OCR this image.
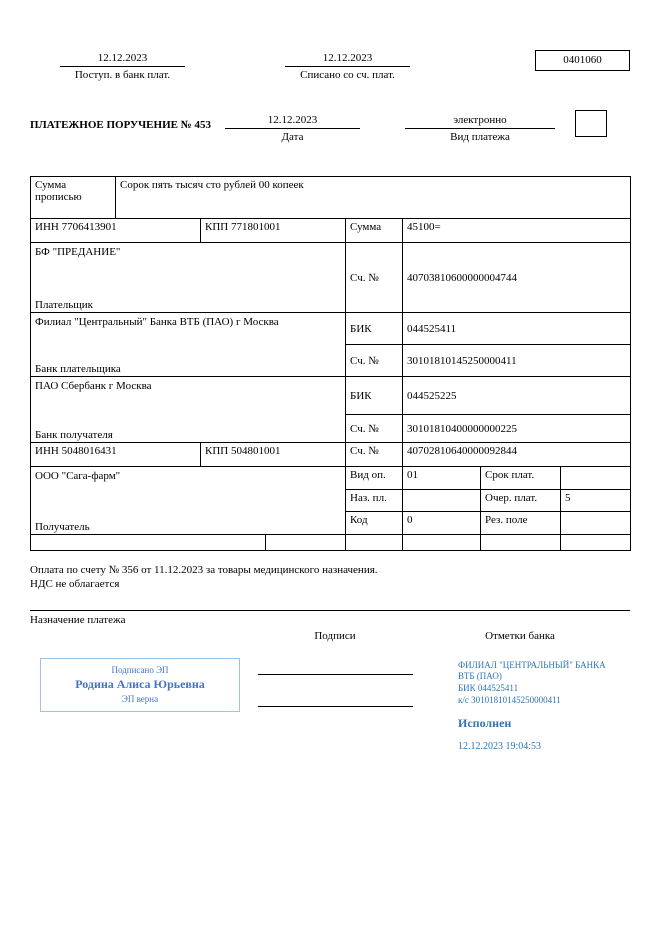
12.12.2023
Поступ. в банк плат.
12.12.2023
Списано со сч. плат.
0401060
ПЛАТЕЖНОЕ ПОРУЧЕНИЕ № 453	12.12.2023
Дата
электронно
Вид платежа
Сумма прописью	Сорок пять тысяч сто рублей 00 копеек
ИНН 7706413901	КПП 771801001		Сумма	45100=		
БФ "ПРЕДАНИЕ"
Плательщик			Сч. №	40703810600000004744		
Филиал "Центральный" Банка ВТБ (ПАО) г Москва
Банк плательщика			БИК	044525411		
			Сч. №	30101810145250000411		
ПАО Сбербанк г Москва
Банк получателя			БИК	044525225		
			Сч. №	30101810400000000225		
ИНН 5048016431	КПП 504801001		Сч. №	40702810640000092844		
ООО "Сага-фарм"
Получатель			Вид оп.	01	Срок плат.	
			Наз. пл.		Очер. плат.	5
			Код	0	Рез. поле	

Оплата по счету № 356 от 11.12.2023 за товары медицинского назначения.
НДС не облагается
Назначение платежа
Подписи	Отметки банка
Подписано ЭП
Родина Алиса Юрьевна
ЭП верна
ФИЛИАЛ "ЦЕНТРАЛЬНЫЙ" БАНКА
ВТБ (ПАО)
БИК 044525411
к/с 30101810145250000411
Исполнен
12.12.2023 19:04:53
